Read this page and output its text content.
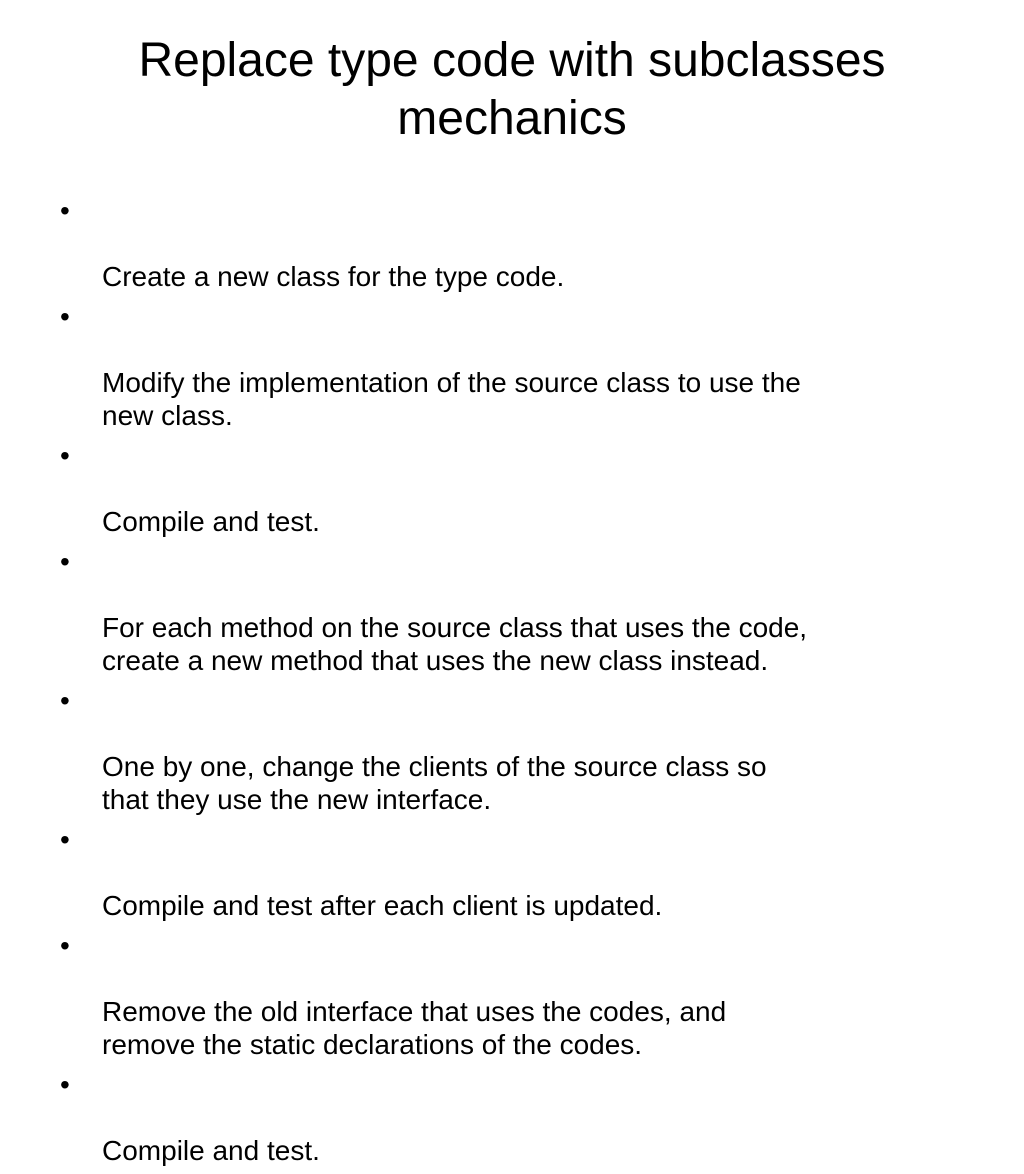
Replace type code with subclasses
mechanics

•

Create a new class for the type code.

•

Modify the implementation of the source class to use the
new class.

•

Compile and test.

•

For each method on the source class that uses the code,
create a new method that uses the new class instead.

•

One by one, change the clients of the source class so
that they use the new interface.

•

Compile and test after each client is updated.

•

Remove the old interface that uses the codes, and
remove the static declarations of the codes.

•

Compile and test.
